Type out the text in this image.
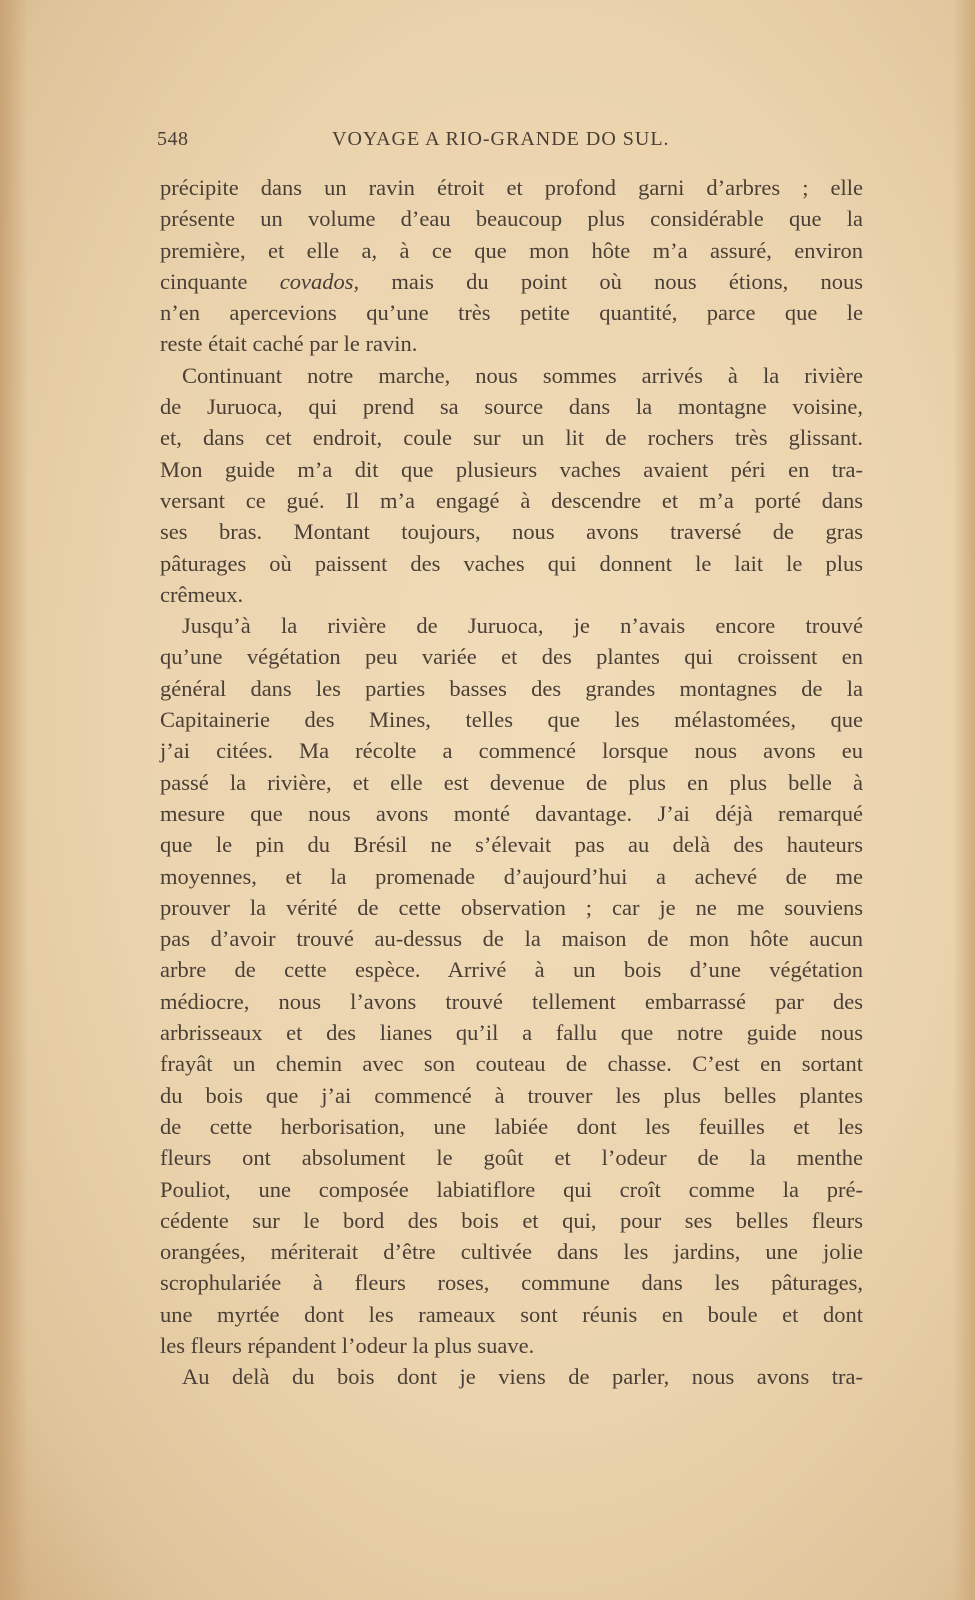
548	VOYAGE A RIO-GRANDE DO SUL.
précipite dans un ravin étroit et profond garni d’arbres ; elle
présente un volume d’eau beaucoup plus considérable que la
première, et elle a, à ce que mon hôte m’a assuré, environ
cinquante covados, mais du point où nous étions, nous
n’en apercevions qu’une très petite quantité, parce que le
reste était caché par le ravin.
Continuant notre marche, nous sommes arrivés à la rivière
de Juruoca, qui prend sa source dans la montagne voisine,
et, dans cet endroit, coule sur un lit de rochers très glissant.
Mon guide m’a dit que plusieurs vaches avaient péri en tra-
versant ce gué. Il m’a engagé à descendre et m’a porté dans
ses bras. Montant toujours, nous avons traversé de gras
pâturages où paissent des vaches qui donnent le lait le plus
crêmeux.
Jusqu’à la rivière de Juruoca, je n’avais encore trouvé
qu’une végétation peu variée et des plantes qui croissent en
général dans les parties basses des grandes montagnes de la
Capitainerie des Mines, telles que les mélastomées, que
j’ai citées. Ma récolte a commencé lorsque nous avons eu
passé la rivière, et elle est devenue de plus en plus belle à
mesure que nous avons monté davantage. J’ai déjà remarqué
que le pin du Brésil ne s’élevait pas au delà des hauteurs
moyennes, et la promenade d’aujourd’hui a achevé de me
prouver la vérité de cette observation ; car je ne me souviens
pas d’avoir trouvé au-dessus de la maison de mon hôte aucun
arbre de cette espèce. Arrivé à un bois d’une végétation
médiocre, nous l’avons trouvé tellement embarrassé par des
arbrisseaux et des lianes qu’il a fallu que notre guide nous
frayât un chemin avec son couteau de chasse. C’est en sortant
du bois que j’ai commencé à trouver les plus belles plantes
de cette herborisation, une labiée dont les feuilles et les
fleurs ont absolument le goût et l’odeur de la menthe
Pouliot, une composée labiatiflore qui croît comme la pré-
cédente sur le bord des bois et qui, pour ses belles fleurs
orangées, mériterait d’être cultivée dans les jardins, une jolie
scrophulariée à fleurs roses, commune dans les pâturages,
une myrtée dont les rameaux sont réunis en boule et dont
les fleurs répandent l’odeur la plus suave.
Au delà du bois dont je viens de parler, nous avons tra-
